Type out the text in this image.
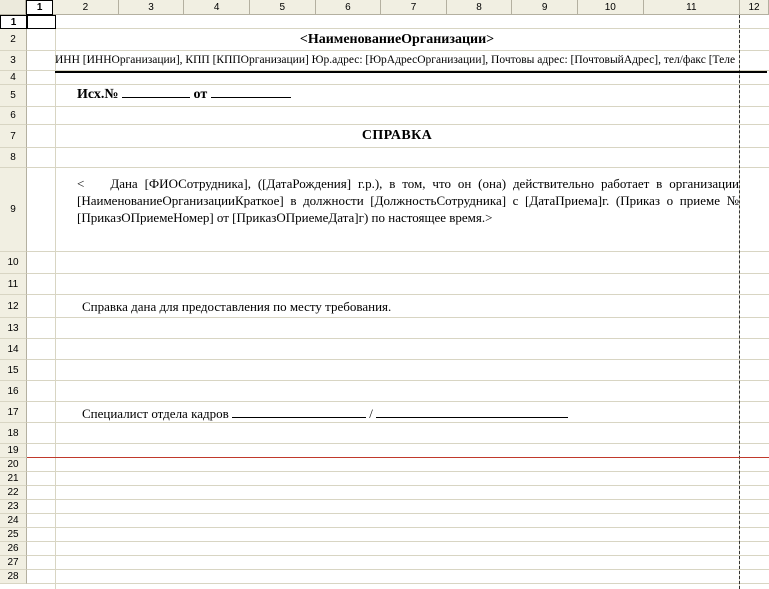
1	2	3	4	5	6	7	8	9	10	11	12
1
2
3
4
5
6
7
8
9
10
11
12
13
14
15
16
17
18
19
20
21
22
23
24
25
26
27
28
<НаименованиеОрганизации>
ИНН [ИННОрганизации], КПП [КППОрганизации] Юр.адрес: [ЮрАдресОрганизации], Почтовы адрес: [ПочтовыйАдрес], тел/факс [Теле
Исх.№	от
СПРАВКА
<  Дана [ФИОСотрудника], ([ДатаРождения] г.р.), в том, что он (она) действительно работает в организации [НаименованиеОрганизацииКраткое] в должности [ДолжностьСотрудника] с [ДатаПриема]г. (Приказ о приеме № [ПриказОПриемеНомер] от [ПриказОПриемеДата]г) по настоящее время.>
Справка дана для предоставления по месту требования.
Специалист отдела кадров	/
